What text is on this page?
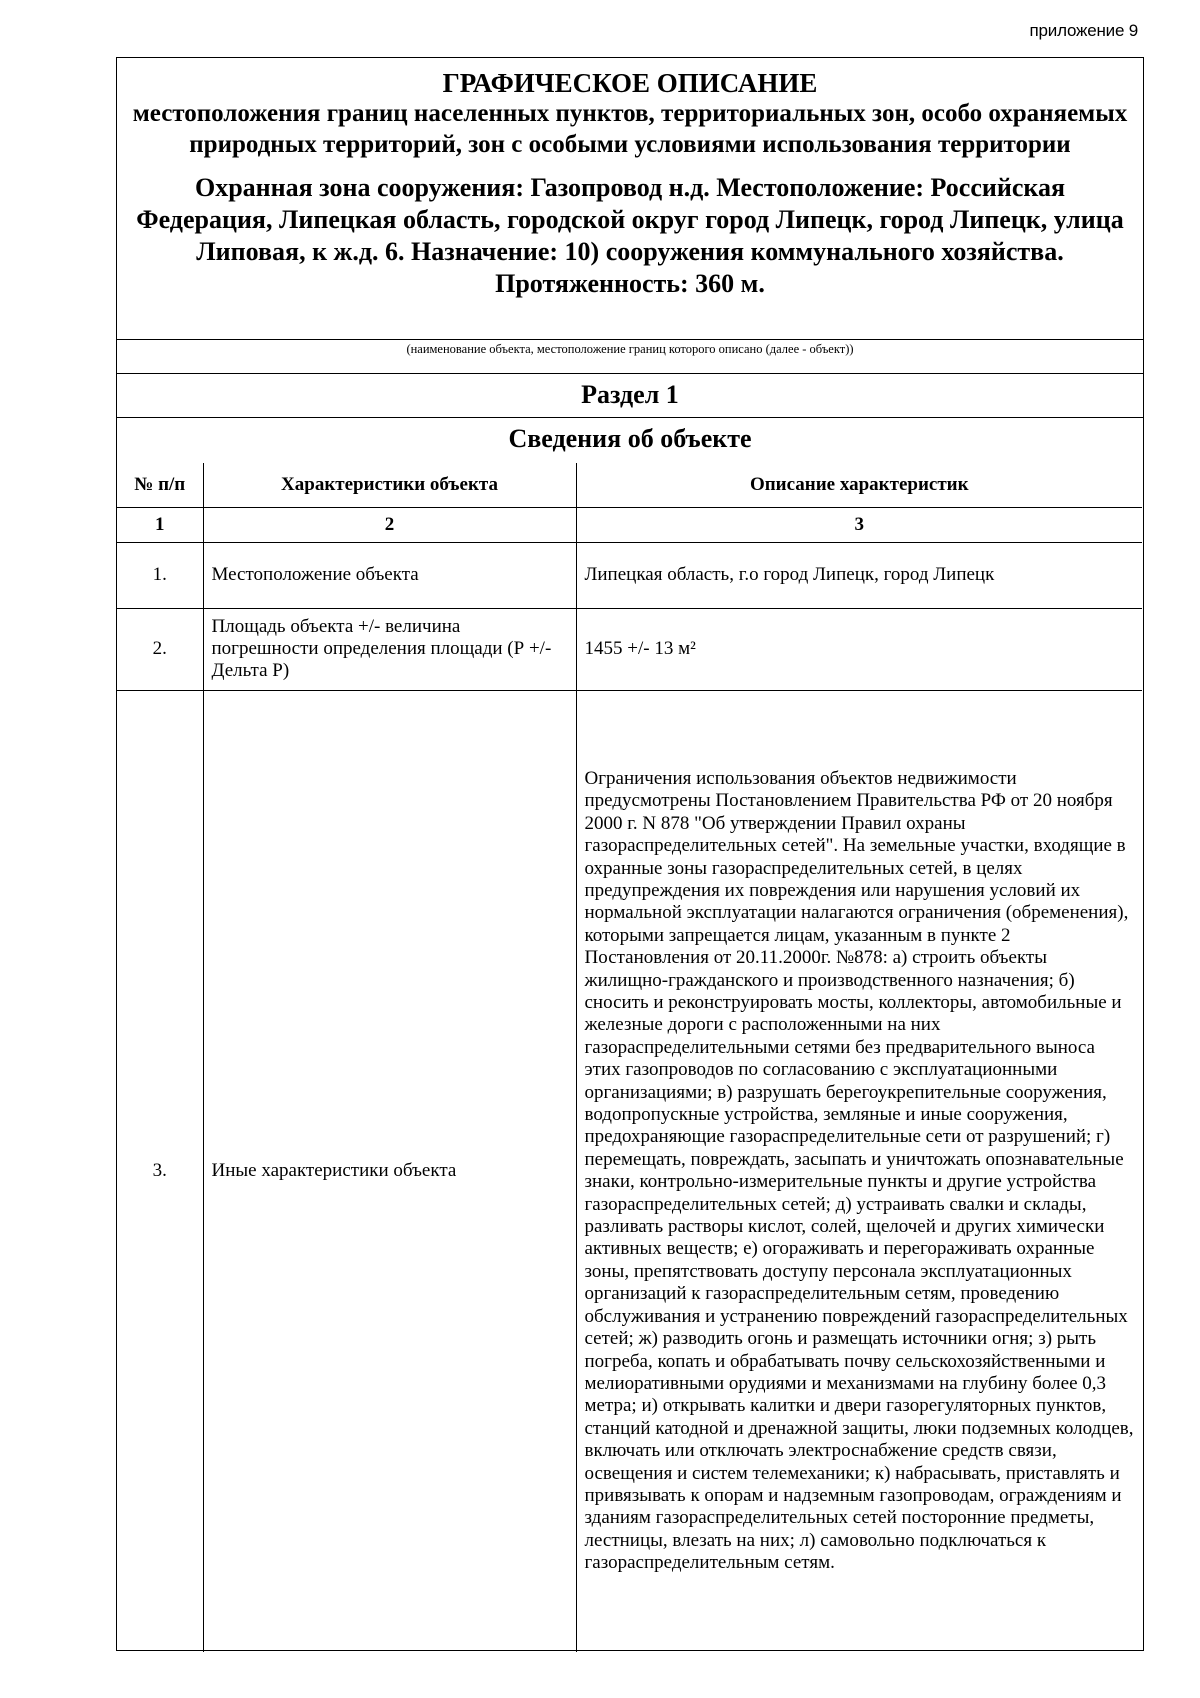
приложение 9
ГРАФИЧЕСКОЕ ОПИСАНИЕ
местоположения границ населенных пунктов, территориальных зон, особо охраняемых природных территорий, зон с особыми условиями использования территории
Охранная зона сооружения: Газопровод н.д. Местоположение: Российская Федерация, Липецкая область, городской округ город Липецк, город Липецк, улица Липовая, к ж.д. 6. Назначение: 10) сооружения коммунального хозяйства. Протяженность: 360 м.
(наименование объекта, местоположение границ которого описано (далее - объект))
Раздел 1
Сведения об объекте
№ п/п	Характеристики объекта	Описание характеристик
1	2	3
1.	Местоположение объекта	Липецкая область, г.о город Липецк, город Липецк
2.	Площадь объекта +/- величина погрешности определения площади (Р +/- Дельта Р)	1455 +/- 13 м²
3.	Иные характеристики объекта	Ограничения использования объектов недвижимости предусмотрены Постановлением Правительства РФ от 20 ноября 2000 г. N 878 "Об утверждении Правил охраны газораспределительных сетей". На земельные участки, входящие в охранные зоны газораспределительных сетей, в целях предупреждения их повреждения или нарушения условий их нормальной эксплуатации налагаются ограничения (обременения), которыми запрещается лицам, указанным в пункте 2 Постановления от 20.11.2000г. №878: а) строить объекты жилищно-гражданского и производственного назначения; б) сносить и реконструировать мосты, коллекторы, автомобильные и железные дороги с расположенными на них газораспределительными сетями без предварительного выноса этих газопроводов по согласованию с эксплуатационными организациями; в) разрушать берегоукрепительные сооружения, водопропускные устройства, земляные и иные сооружения, предохраняющие газораспределительные сети от разрушений; г) перемещать, повреждать, засыпать и уничтожать опознавательные знаки, контрольно-измерительные пункты и другие устройства газораспределительных сетей; д) устраивать свалки и склады, разливать растворы кислот, солей, щелочей и других химически активных веществ; е) огораживать и перегораживать охранные зоны, препятствовать доступу персонала эксплуатационных организаций к газораспределительным сетям, проведению обслуживания и устранению повреждений газораспределительных сетей; ж) разводить огонь и размещать источники огня; з) рыть погреба, копать и обрабатывать почву сельскохозяйственными и мелиоративными орудиями и механизмами на глубину более 0,3 метра; и) открывать калитки и двери газорегуляторных пунктов, станций катодной и дренажной защиты, люки подземных колодцев, включать или отключать электроснабжение средств связи, освещения и систем телемеханики; к) набрасывать, приставлять и привязывать к опорам и надземным газопроводам, ограждениям и зданиям газораспределительных сетей посторонние предметы, лестницы, влезать на них; л) самовольно подключаться к газораспределительным сетям.
